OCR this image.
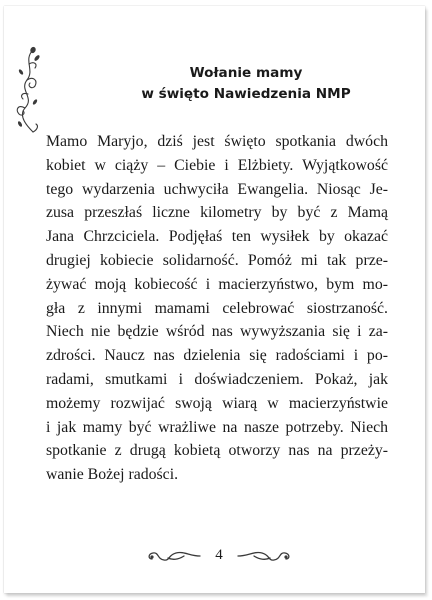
Wołanie mamy
w święto Nawiedzenia NMP
Mamo Maryjo, dziś jest święto spotkania dwóch
kobiet w ciąży – Ciebie i Elżbiety. Wyjątkowość
tego wydarzenia uchwyciła Ewangelia. Niosąc Je-
zusa przeszłaś liczne kilometry by być z Mamą
Jana Chrzciciela. Podjęłaś ten wysiłek by okazać
drugiej kobiecie solidarność. Pomóż mi tak prze-
żywać moją kobiecość i macierzyństwo, bym mo-
gła z innymi mamami celebrować siostrzaność.
Niech nie będzie wśród nas wywyższania się i za-
zdrości. Naucz nas dzielenia się radościami i po-
radami, smutkami i doświadczeniem. Pokaż, jak
możemy rozwijać swoją wiarą w macierzyństwie
i jak mamy być wrażliwe na nasze potrzeby. Niech
spotkanie z drugą kobietą otworzy nas na przeży-
wanie Bożej radości.
4
